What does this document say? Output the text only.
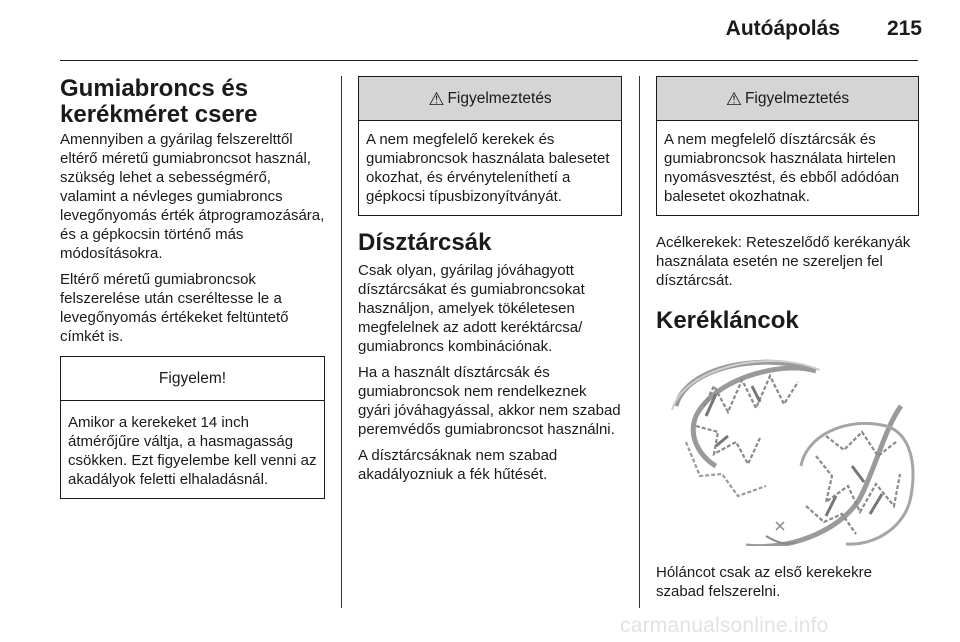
Autóápolás	215
Gumiabroncs és kerékméret csere

Amennyiben a gyárilag felszerelttől eltérő méretű gumiabroncsot használ, szükség lehet a sebességmérő, valamint a névleges gumiabroncs levegőnyomás érték átprogramozására, és a gépkocsin történő más módosításokra.

Eltérő méretű gumiabroncsok felszerelése után cseréltesse le a levegőnyomás értékeket feltüntető címkét is.

Figyelem!
Amikor a kerekeket 14 inch átmérőjűre váltja, a hasmagasság csökken. Ezt figyelembe kell venni az akadályok feletti elhaladásnál.
⚠ Figyelmeztetés
A nem megfelelő kerekek és gumiabroncsok használata balesetet okozhat, és érvényteleníthetí a gépkocsi típusbizonyítványát.
Dísztárcsák

Csak olyan, gyárilag jóváhagyott dísztárcsákat és gumiabroncsokat használjon, amelyek tökéletesen megfelelnek az adott keréktárcsa/ gumiabroncs kombinációnak.

Ha a használt dísztárcsák és gumiabroncsok nem rendelkeznek gyári jóváhagyással, akkor nem szabad peremvédős gumiabroncsot használni.

A dísztárcsáknak nem szabad akadályozniuk a fék hűtését.

⚠ Figyelmeztetés
A nem megfelelő dísztárcsák és gumiabroncsok használata hirtelen nyomásvesztést, és ebből adódóan balesetet okozhatnak.

Acélkerekek: Reteszelődő kerékanyák használata esetén ne szereljen fel dísztárcsát.

Kerékláncok

Hóláncot csak az első kerekekre szabad felszerelni.

carmanualsonline.info
